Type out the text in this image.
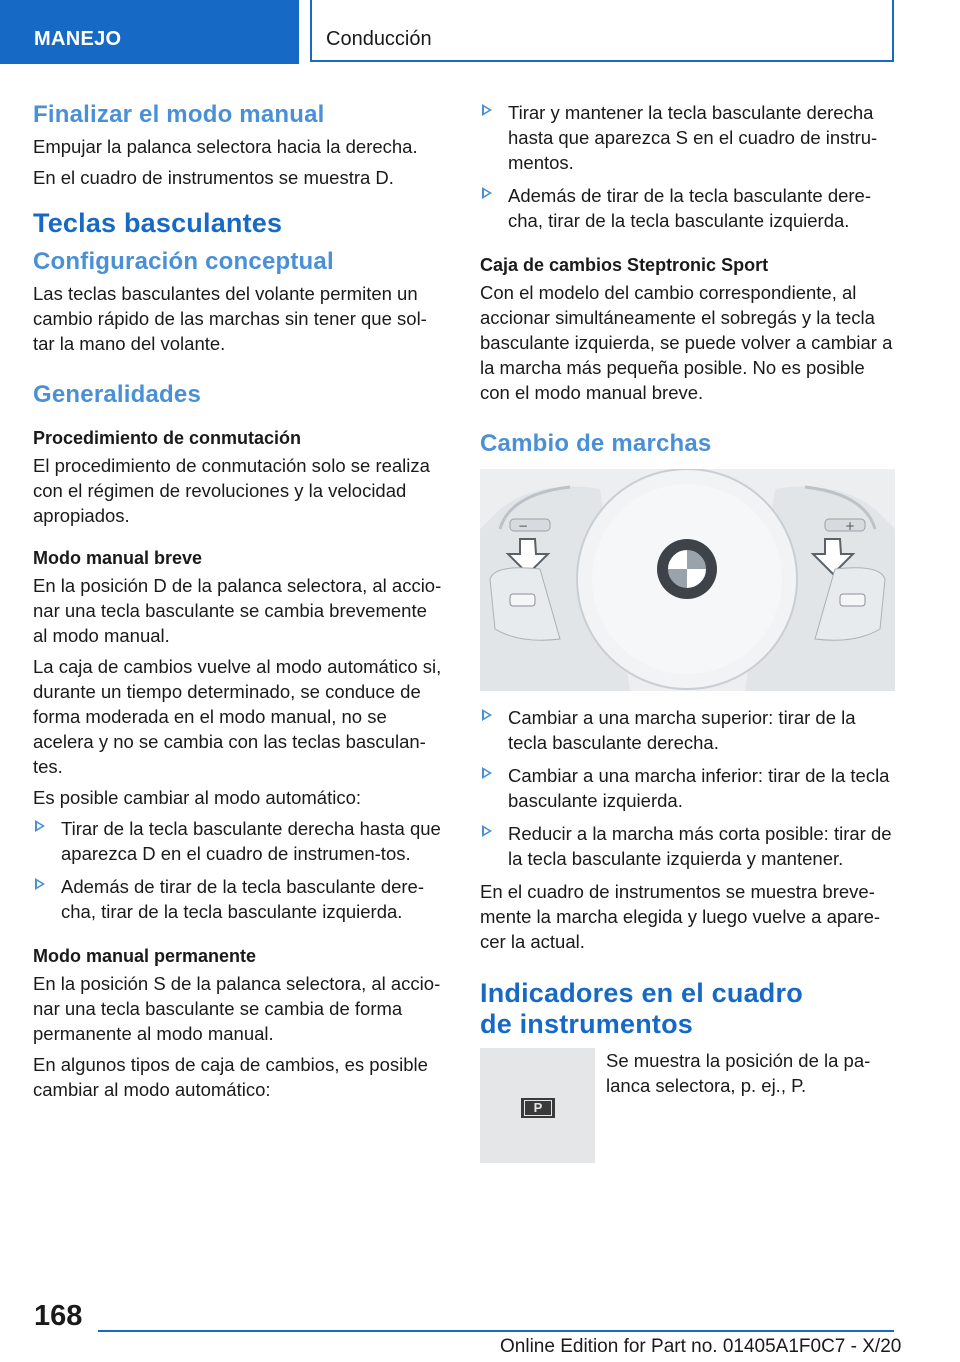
MANEJO	Conducción
Finalizar el modo manual

Empujar la palanca selectora hacia la derecha.

En el cuadro de instrumentos se muestra D.

Teclas basculantes
Configuración conceptual

Las teclas basculantes del volante permiten un cambio rápido de las marchas sin tener que sol‐tar la mano del volante.

Generalidades
Procedimiento de conmutación

El procedimiento de conmutación solo se realiza con el régimen de revoluciones y la velocidad apropiados.

Modo manual breve

En la posición D de la palanca selectora, al accio‐nar una tecla basculante se cambia brevemente al modo manual.

La caja de cambios vuelve al modo automático si, durante un tiempo determinado, se conduce de forma moderada en el modo manual, no se acelera y no se cambia con las teclas basculan‐tes.

Es posible cambiar al modo automático:

Tirar de la tecla basculante derecha hasta que aparezca D en el cuadro de instrumen‐tos.
Además de tirar de la tecla basculante dere‐cha, tirar de la tecla basculante izquierda.
Modo manual permanente

En la posición S de la palanca selectora, al accio‐nar una tecla basculante se cambia de forma permanente al modo manual.

En algunos tipos de caja de cambios, es posible cambiar al modo automático:

Tirar y mantener la tecla basculante derecha hasta que aparezca S en el cuadro de instru‐mentos.
Además de tirar de la tecla basculante dere‐cha, tirar de la tecla basculante izquierda.
Caja de cambios Steptronic Sport

Con el modelo del cambio correspondiente, al accionar simultáneamente el sobregás y la tecla basculante izquierda, se puede volver a cambiar a la marcha más pequeña posible. No es posible con el modo manual breve.

Cambio de marchas
−	+
Cambiar a una marcha superior: tirar de la tecla basculante derecha.
Cambiar a una marcha inferior: tirar de la tecla basculante izquierda.
Reducir a la marcha más corta posible: tirar de la tecla basculante izquierda y mantener.

En el cuadro de instrumentos se muestra breve‐mente la marcha elegida y luego vuelve a apare‐cer la actual.

Indicadores en el cuadro
de instrumentos
P

Se muestra la posición de la pa‐lanca selectora, p. ej., P.

168
Online Edition for Part no. 01405A1F0C7 - X/20
